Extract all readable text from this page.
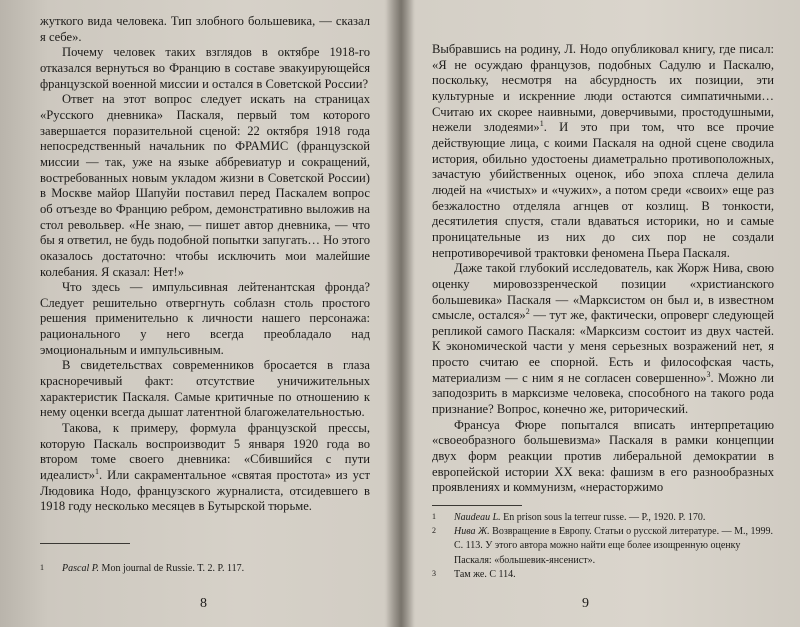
жуткого вида человека. Тип злобного большевика, — сказал я себе».

Почему человек таких взглядов в октябре 1918-го отказался вернуться во Францию в составе эвакуирующейся французской военной миссии и остался в Советской России?

Ответ на этот вопрос следует искать на страницах «Русского дневника» Паскаля, первый том которого завершается поразительной сценой: 22 октября 1918 года непосредственный начальник по ФРАМИС (французской миссии — так, уже на языке аббревиатур и сокращений, востребованных новым укладом жизни в Советской России) в Москве майор Шапуйи поставил перед Паскалем вопрос об отъезде во Францию ребром, демонстративно выложив на стол револьвер. «Не знаю, — пишет автор дневника, — что бы я ответил, не будь подобной попытки запугать… Но этого оказалось достаточно: чтобы исключить мои малейшие колебания. Я сказал: Нет!»

Что здесь — импульсивная лейтенантская фронда? Следует решительно отвергнуть соблазн столь простого решения применительно к личности нашего персонажа: рационального у него всегда преобладало над эмоциональным и импульсивным.

В свидетельствах современников бросается в глаза красноречивый факт: отсутствие уничижительных характеристик Паскаля. Самые критичные по отношению к нему оценки всегда дышат латентной благожелательностью.

Такова, к примеру, формула французской прессы, которую Паскаль воспроизводит 5 января 1920 года во втором томе своего дневника: «Сбившийся с пути идеалист»$^1$. Или сакраментальное «святая простота» из уст Людовика Нодо, французского журналиста, отсидевшего в 1918 году несколько месяцев в Бутырской тюрьме.

1	Pascal P. Mon journal de Russie. T. 2. P. 117.
8

Выбравшись на родину, Л. Нодо опубликовал книгу, где писал: «Я не осуждаю французов, подобных Садулю и Паскалю, поскольку, несмотря на абсурдность их позиции, эти культурные и искренние люди остаются симпатичными… Считаю их скорее наивными, доверчивыми, простодушными, нежели злодеями»$^1$. И это при том, что все прочие действующие лица, с коими Паскаля на одной сцене сводила история, обильно удостоены диаметрально противоположных, зачастую убийственных оценок, ибо эпоха сплеча делила людей на «чистых» и «чужих», а потом среди «своих» еще раз безжалостно отделяла агнцев от козлищ. В тонкости, десятилетия спустя, стали вдаваться историки, но и самые проницательные из них до сих пор не создали непротиворечивой трактовки феномена Пьера Паскаля.

Даже такой глубокий исследователь, как Жорж Нива, свою оценку мировоззренческой позиции «христианского большевика» Паскаля — «Марксистом он был и, в известном смысле, остался»$^2$ — тут же, фактически, опроверг следующей репликой самого Паскаля: «Марксизм состоит из двух частей. К экономической части у меня серьезных возражений нет, я просто считаю ее спорной. Есть и философская часть, материализм — с ним я не согласен совершенно»$^3$. Можно ли заподозрить в марксизме человека, способного на такого рода признание? Вопрос, конечно же, риторический.

Франсуа Фюре попытался вписать интерпретацию «своеобразного большевизма» Паскаля в рамки концепции двух форм реакции против либеральной демократии в европейской истории XX века: фашизм в его разнообразных проявлениях и коммунизм, «нерасторжимо

1	Naudeau L. En prison sous la terreur russe. — P., 1920. P. 170.
2	Нива Ж. Возвращение в Европу. Статьи о русской литературе. — М., 1999. С. 113. У этого автора можно найти еще более изощренную оценку Паскаля: «большевик-янсенист».
3	Там же. С 114.
9
